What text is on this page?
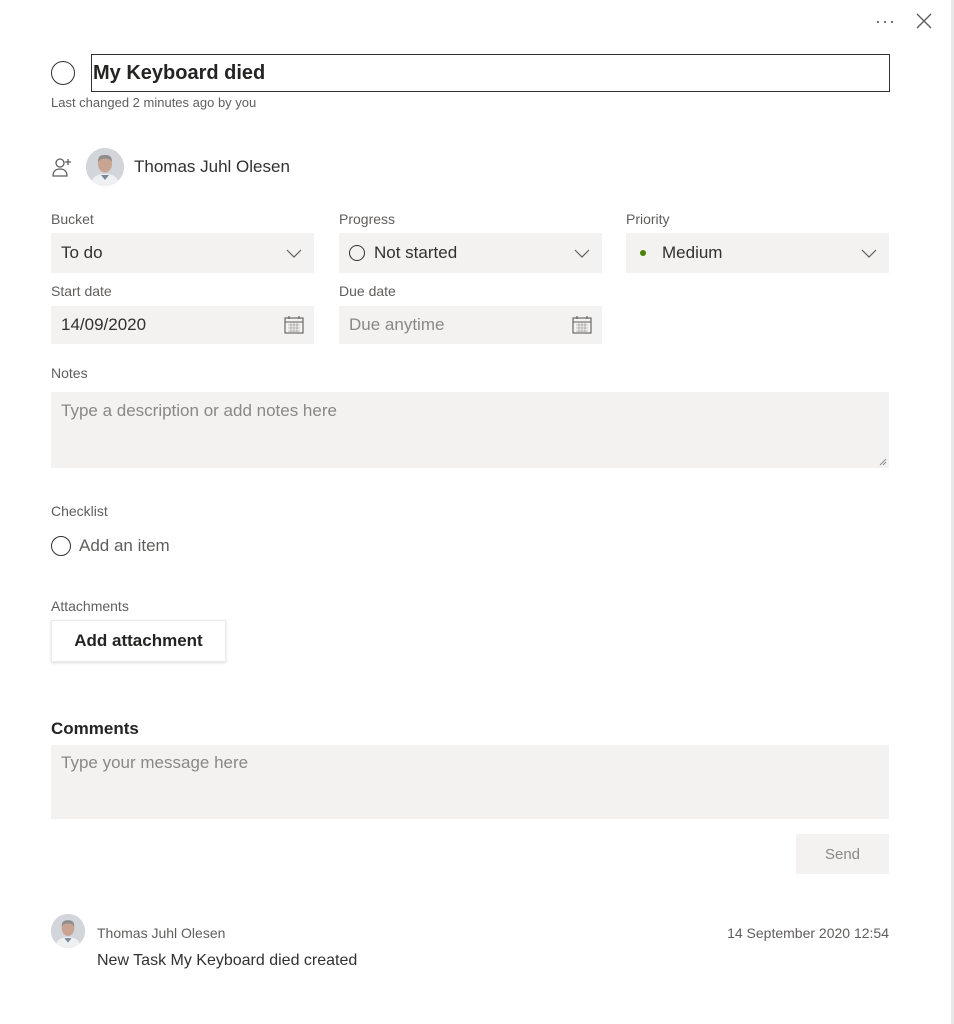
···
My Keyboard died
Last changed 2 minutes ago by you
Thomas Juhl Olesen
Bucket
To do
Progress
Not started
Priority
Medium
Start date
14/09/2020
Due date
Due anytime
Notes
Type a description or add notes here
Checklist
Add an item
Attachments
Add attachment
Comments
Type your message here
Send
Thomas Juhl Olesen	14 September 2020 12:54
New Task My Keyboard died created
